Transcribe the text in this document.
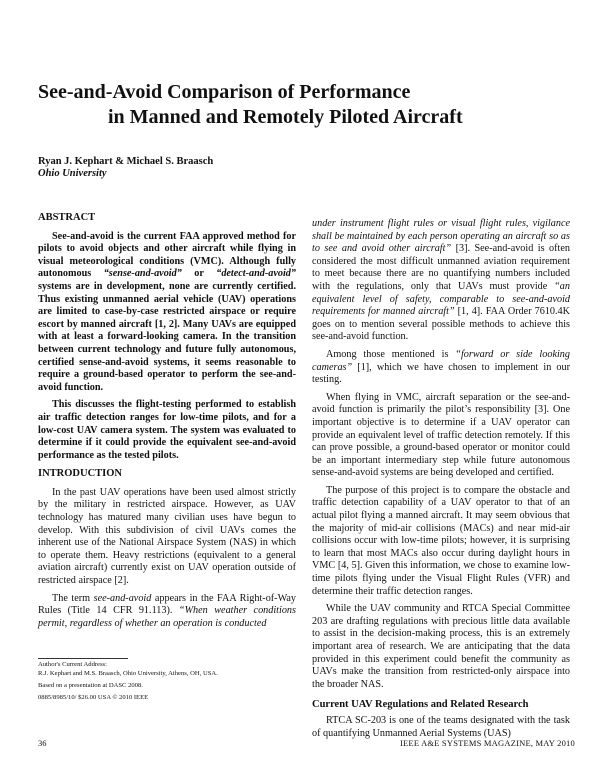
See-and-Avoid Comparison of Performance
in Manned and Remotely Piloted Aircraft
Ryan J. Kephart & Michael S. Braasch
Ohio University
ABSTRACT

See-and-avoid is the current FAA approved method for pilots to avoid objects and other aircraft while flying in visual meteorological conditions (VMC). Although fully autonomous “sense-and-avoid” or “detect-and-avoid” systems are in development, none are currently certified. Thus existing unmanned aerial vehicle (UAV) operations are limited to case-by-case restricted airspace or require escort by manned aircraft [1, 2]. Many UAVs are equipped with at least a forward-looking camera. In the transition between current technology and future fully autonomous, certified sense-and-avoid systems, it seems reasonable to require a ground-based operator to perform the see-and-avoid function.

This discusses the flight-testing performed to establish air traffic detection ranges for low-time pilots, and for a low-cost UAV camera system. The system was evaluated to determine if it could provide the equivalent see-and-avoid performance as the tested pilots.

INTRODUCTION

In the past UAV operations have been used almost strictly by the military in restricted airspace. However, as UAV technology has matured many civilian uses have begun to develop. With this subdivision of civil UAVs comes the inherent use of the National Airspace System (NAS) in which to operate them. Heavy restrictions (equivalent to a general aviation aircraft) currently exist on UAV operation outside of restricted airspace [2].

The term see-and-avoid appears in the FAA Right-of-Way Rules (Title 14 CFR 91.113). “When weather conditions permit, regardless of whether an operation is conducted

under instrument flight rules or visual flight rules, vigilance shall be maintained by each person operating an aircraft so as to see and avoid other aircraft” [3]. See-and-avoid is often considered the most difficult unmanned aviation requirement to meet because there are no quantifying numbers included with the regulations, only that UAVs must provide “an equivalent level of safety, comparable to see-and-avoid requirements for manned aircraft” [1, 4]. FAA Order 7610.4K goes on to mention several possible methods to achieve this see-and-avoid function.

Among those mentioned is “forward or side looking cameras” [1], which we have chosen to implement in our testing.

When flying in VMC, aircraft separation or the see-and-avoid function is primarily the pilot’s responsibility [3]. One important objective is to determine if a UAV operator can provide an equivalent level of traffic detection remotely. If this can prove possible, a ground-based operator or monitor could be an important intermediary step while future autonomous sense-and-avoid systems are being developed and certified.

The purpose of this project is to compare the obstacle and traffic detection capability of a UAV operator to that of an actual pilot flying a manned aircraft. It may seem obvious that the majority of mid-air collisions (MACs) and near mid-air collisions occur with low-time pilots; however, it is surprising to learn that most MACs also occur during daylight hours in VMC [4, 5]. Given this information, we chose to examine low-time pilots flying under the Visual Flight Rules (VFR) and determine their traffic detection ranges.

While the UAV community and RTCA Special Committee 203 are drafting regulations with precious little data available to assist in the decision-making process, this is an extremely important area of research. We are anticipating that the data provided in this experiment could benefit the community as UAVs make the transition from restricted-only airspace into the broader NAS.

Current UAV Regulations and Related Research

RTCA SC-203 is one of the teams designated with the task of quantifying Unmanned Aerial Systems (UAS)

Author's Current Address:
R.J. Kephart and M.S. Braasch, Ohio University, Athens, OH, USA.
Based on a presentation at DASC 2008.
0885/8985/10/ $26.00 USA © 2010 IEEE
36	IEEE A&E SYSTEMS MAGAZINE, MAY 2010
